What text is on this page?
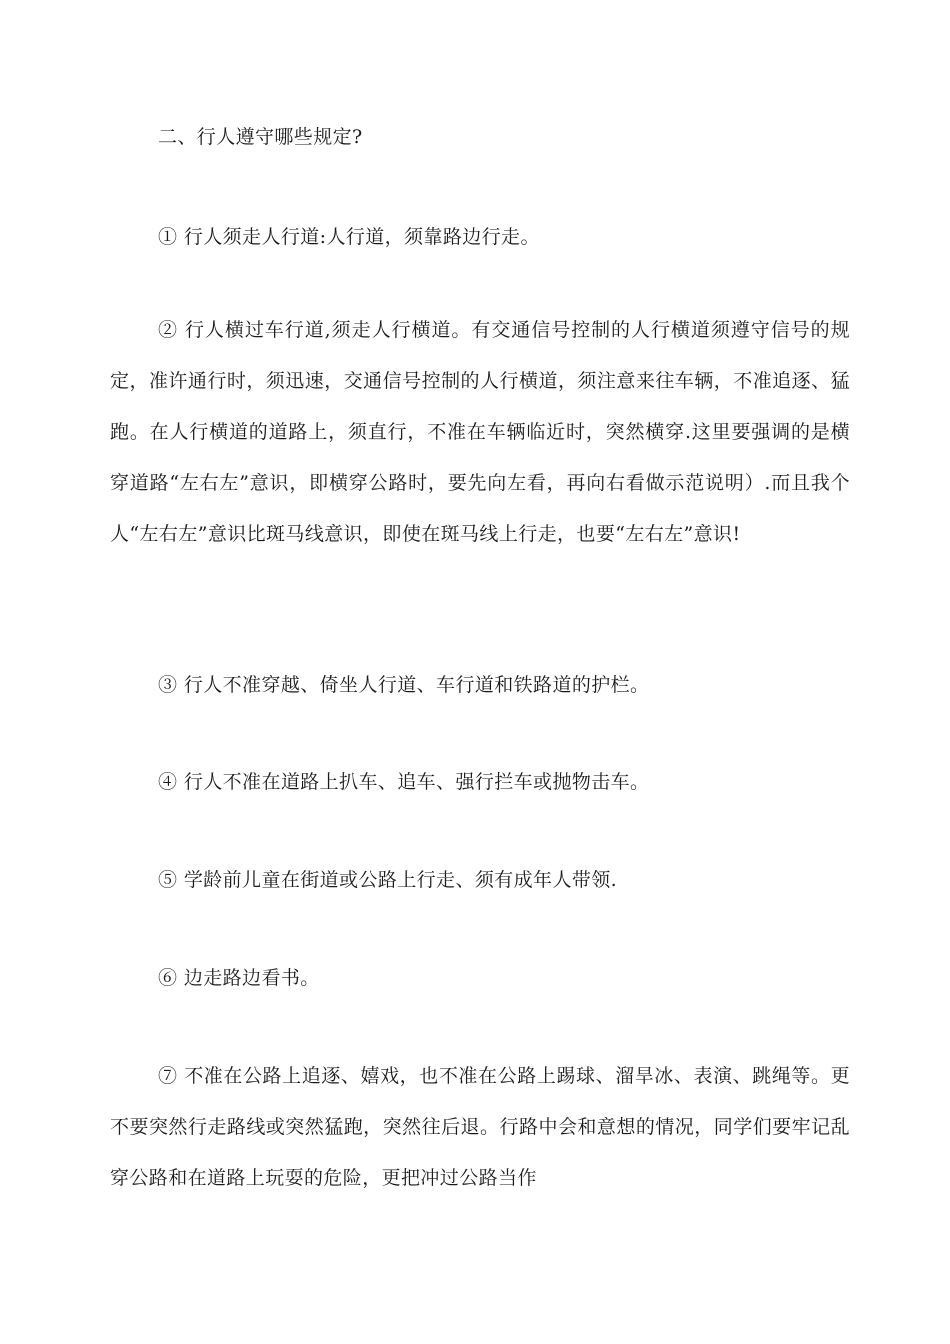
二、行人遵守哪些规定?

① 行人须走人行道:人行道，须靠路边行走。

② 行人横过车行道,须走人行横道。有交通信号控制的人行横道须遵守信号的规定，准许通行时，须迅速，交通信号控制的人行横道，须注意来往车辆，不准追逐、猛跑。在人行横道的道路上，须直行，不准在车辆临近时，突然横穿.这里要强调的是横穿道路“左右左”意识，即横穿公路时，要先向左看，再向右看做示范说明）.而且我个人“左右左”意识比斑马线意识，即使在斑马线上行走，也要“左右左”意识!

③ 行人不准穿越、倚坐人行道、车行道和铁路道的护栏。

④ 行人不准在道路上扒车、追车、强行拦车或抛物击车。

⑤ 学龄前儿童在街道或公路上行走、须有成年人带领.

⑥ 边走路边看书。

⑦ 不准在公路上追逐、嬉戏，也不准在公路上踢球、溜旱冰、表演、跳绳等。更不要突然行走路线或突然猛跑，突然往后退。行路中会和意想的情况，同学们要牢记乱穿公路和在道路上玩耍的危险，更把冲过公路当作
